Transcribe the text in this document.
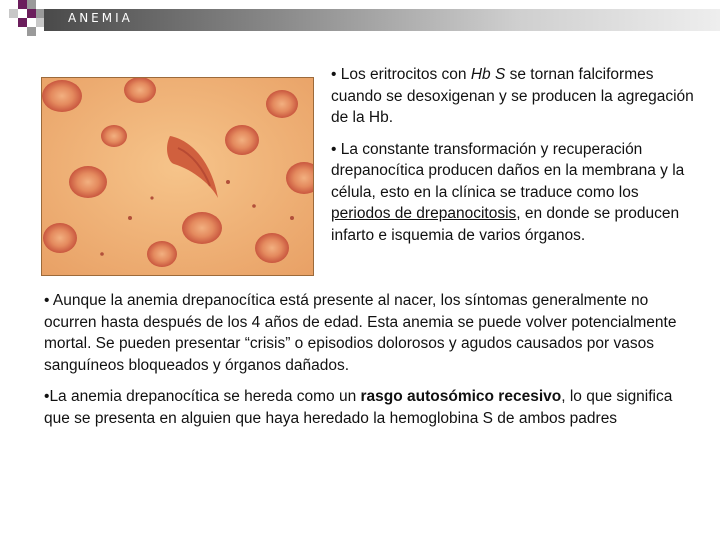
ANEMIA

• Los eritrocitos con Hb S se tornan falciformes cuando se desoxigenan y se producen la agregación de la Hb.

• La constante transformación y recuperación drepanocítica producen daños en la membrana y la célula, esto en la clínica se traduce como los periodos de drepanocitosis, en donde se producen infarto e isquemia de varios órganos.

• Aunque la anemia drepanocítica está presente al nacer, los síntomas generalmente no ocurren hasta después de los 4 años de edad. Esta anemia se puede volver potencialmente mortal. Se pueden presentar “crisis” o episodios dolorosos y agudos causados por vasos sanguíneos bloqueados y órganos dañados.

•La anemia drepanocítica se hereda como un rasgo autosómico recesivo, lo que significa que se presenta en alguien que haya heredado la hemoglobina S de ambos padres
